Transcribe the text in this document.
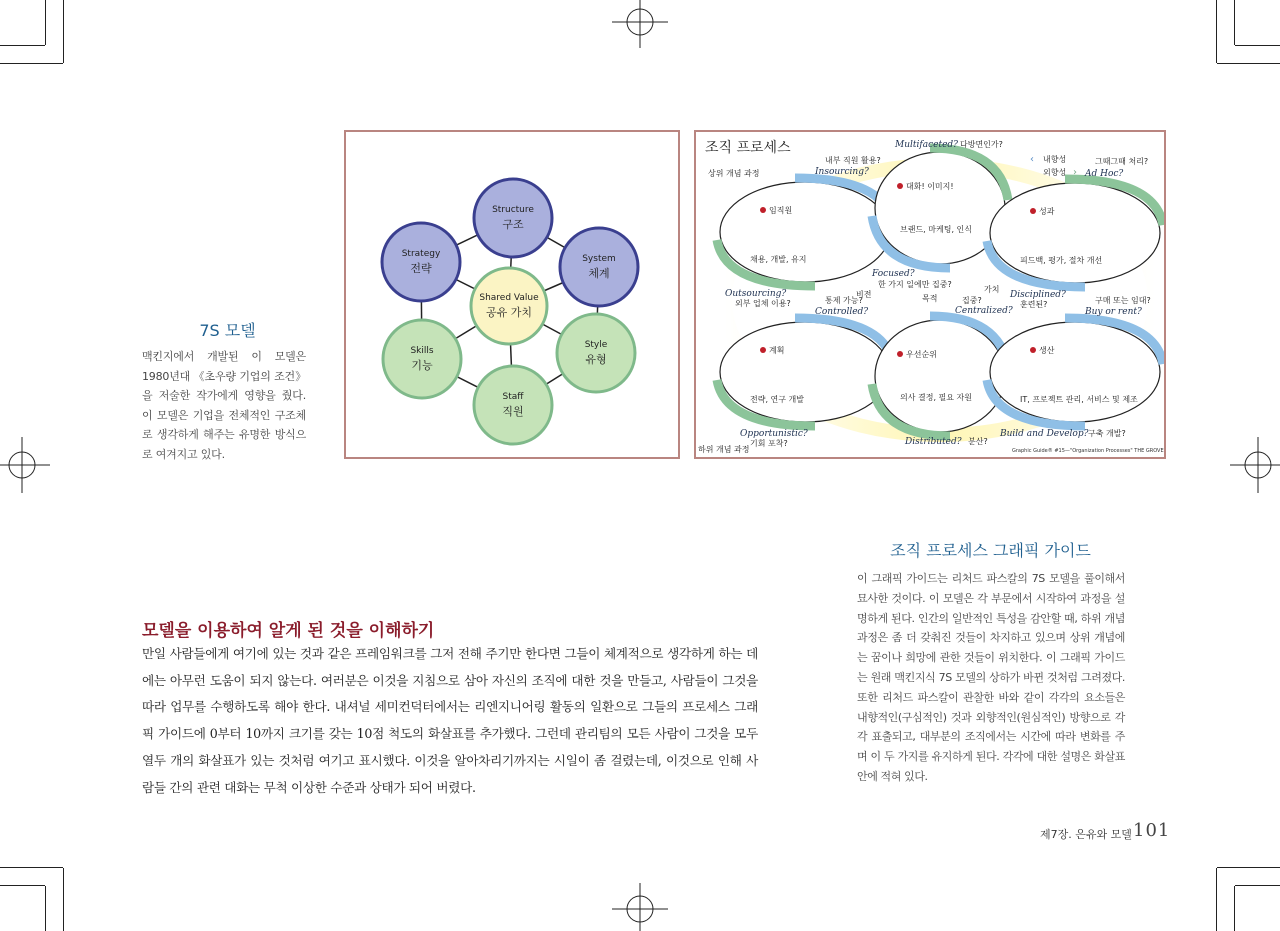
7S 모델
맥킨지에서 개발된 이 모델은 1980년대 《초우량 기업의 조건》을 저술한 작가에게 영향을 줬다. 이 모델은 기업을 전체적인 구조체로 생각하게 해주는 유명한 방식으로 여겨지고 있다.
Structure
구조
Strategy
전략
System
체계
Shared Value
공유 가치
Skills
기능
Style
유형
Staff
직원
조직 프로세스
상위 개념 과정
하위 개념 과정
내향성
외향성
‹
›
비전	목적
가치
임직원
채용, 개발, 유지
Insourcing?
내부 직원 활용?
Outsourcing?
외부 업체 이용?
대화! 이미지!
브랜드, 마케팅, 인식
Multifaceted? 다방면인가?
Focused?
한 가지 일에만 집중?
성과
피드백, 평가, 절차 개선
Ad Hoc?
그때그때 처리?
Disciplined?
훈련된?
계획
전략, 연구 개발
Controlled?
통제 가능?
Opportunistic?
기회 포착?
우선순위
의사 결정, 필요 자원
Centralized?
집중?
Distributed? 분산?
생산
IT, 프로젝트 관리, 서비스 및 제조
Buy or rent?
구매 또는 임대?
Build and Develop? 구축 개발?
Graphic Guide® #15—"Organization Processes" THE GROVE
조직 프로세스 그래픽 가이드
이 그래픽 가이드는 리처드 파스칼의 7S 모델을 풀이해서 묘사한 것이다. 이 모델은 각 부문에서 시작하여 과정을 설명하게 된다. 인간의 일반적인 특성을 감안할 때, 하위 개념 과정은 좀 더 갖춰진 것들이 차지하고 있으며 상위 개념에는 꿈이나 희망에 관한 것들이 위치한다. 이 그래픽 가이드는 원래 맥킨지식 7S 모델의 상하가 바뀐 것처럼 그려졌다. 또한 리처드 파스칼이 관찰한 바와 같이 각각의 요소들은 내향적인(구심적인) 것과 외향적인(원심적인) 방향으로 각각 표출되고, 대부분의 조직에서는 시간에 따라 변화를 주며 이 두 가지를 유지하게 된다. 각각에 대한 설명은 화살표 안에 적혀 있다.
모델을 이용하여 알게 된 것을 이해하기
만일 사람들에게 여기에 있는 것과 같은 프레임워크를 그저 전해 주기만 한다면 그들이 체계적으로 생각하게 하는 데에는 아무런 도움이 되지 않는다. 여러분은 이것을 지침으로 삼아 자신의 조직에 대한 것을 만들고, 사람들이 그것을 따라 업무를 수행하도록 해야 한다. 내셔널 세미컨덕터에서는 리엔지니어링 활동의 일환으로 그들의 프로세스 그래픽 가이드에 0부터 10까지 크기를 갖는 10점 척도의 화살표를 추가했다. 그런데 관리팀의 모든 사람이 그것을 모두 열두 개의 화살표가 있는 것처럼 여기고 표시했다. 이것을 알아차리기까지는 시일이 좀 걸렸는데, 이것으로 인해 사람들 간의 관련 대화는 무척 이상한 수준과 상태가 되어 버렸다.
제7장. 은유와 모델 101
